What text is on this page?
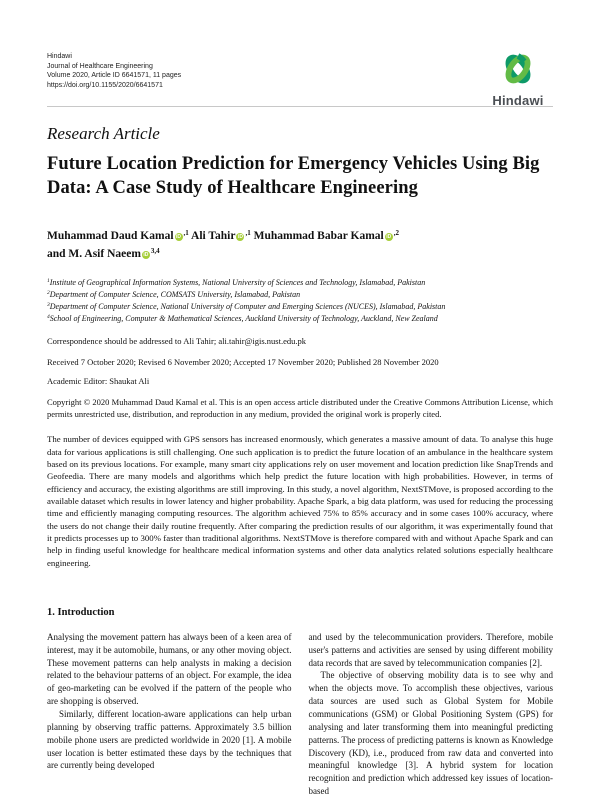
Hindawi
Journal of Healthcare Engineering
Volume 2020, Article ID 6641571, 11 pages
https://doi.org/10.1155/2020/6641571
Hindawi
Research Article
Future Location Prediction for Emergency Vehicles Using Big Data: A Case Study of Healthcare Engineering
Muhammad Daud Kamal iD $^{,1}$ Ali Tahir iD $^{,1}$ Muhammad Babar Kamal iD $^{,2}$
and M. Asif Naeem iD $^{3,4}$
$^1$Institute of Geographical Information Systems, National University of Sciences and Technology, Islamabad, Pakistan
$^2$Department of Computer Science, COMSATS University, Islamabad, Pakistan
$^3$Department of Computer Science, National University of Computer and Emerging Sciences (NUCES), Islamabad, Pakistan
$^4$School of Engineering, Computer & Mathematical Sciences, Auckland University of Technology, Auckland, New Zealand
Correspondence should be addressed to Ali Tahir; ali.tahir@igis.nust.edu.pk
Received 7 October 2020; Revised 6 November 2020; Accepted 17 November 2020; Published 28 November 2020
Academic Editor: Shaukat Ali
Copyright © 2020 Muhammad Daud Kamal et al. This is an open access article distributed under the Creative Commons Attribution License, which permits unrestricted use, distribution, and reproduction in any medium, provided the original work is properly cited.
The number of devices equipped with GPS sensors has increased enormously, which generates a massive amount of data. To analyse this huge data for various applications is still challenging. One such application is to predict the future location of an ambulance in the healthcare system based on its previous locations. For example, many smart city applications rely on user movement and location prediction like SnapTrends and Geofeedia. There are many models and algorithms which help predict the future location with high probabilities. However, in terms of efficiency and accuracy, the existing algorithms are still improving. In this study, a novel algorithm, NextSTMove, is proposed according to the available dataset which results in lower latency and higher probability. Apache Spark, a big data platform, was used for reducing the processing time and efficiently managing computing resources. The algorithm achieved 75% to 85% accuracy and in some cases 100% accuracy, where the users do not change their daily routine frequently. After comparing the prediction results of our algorithm, it was experimentally found that it predicts processes up to 300% faster than traditional algorithms. NextSTMove is therefore compared with and without Apache Spark and can help in finding useful knowledge for healthcare medical information systems and other data analytics related solutions especially healthcare engineering.
1. Introduction

Analysing the movement pattern has always been of a keen area of interest, may it be automobile, humans, or any other moving object. These movement patterns can help analysts in making a decision related to the behaviour patterns of an object. For example, the idea of geo-marketing can be evolved if the pattern of the people who are shopping is observed.

Similarly, different location-aware applications can help urban planning by observing traffic patterns. Approximately 3.5 billion mobile phone users are predicted worldwide in 2020 [1]. A mobile user location is better estimated these days by the techniques that are currently being developed

and used by the telecommunication providers. Therefore, mobile user's patterns and activities are sensed by using different mobility data records that are saved by telecommunication companies [2].

The objective of observing mobility data is to see why and when the objects move. To accomplish these objectives, various data sources are used such as Global System for Mobile communications (GSM) or Global Positioning System (GPS) for analysing and later transforming them into meaningful predicting patterns. The process of predicting patterns is known as Knowledge Discovery (KD), i.e., produced from raw data and converted into meaningful knowledge [3]. A hybrid system for location recognition and prediction which addressed key issues of location-based
